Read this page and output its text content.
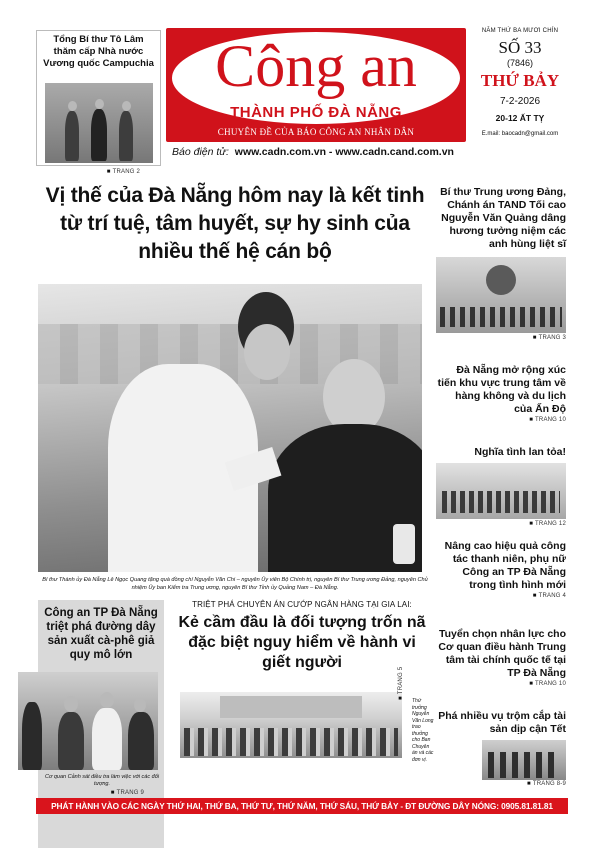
Tổng Bí thư Tô Lâm thăm cấp Nhà nước Vương quốc Campuchia
■ TRANG 2
Công an
THÀNH PHỐ ĐÀ NẴNG
CHUYÊN ĐỀ CỦA BÁO CÔNG AN NHÂN DÂN
Báo điện tử: www.cadn.com.vn - www.cadn.cand.com.vn
NĂM THỨ BA MƯƠI CHÍN
SỐ 33
(7846)
THỨ BẢY
7-2-2026
20-12 ẤT TỴ
E.mail: baocadn@gmail.com
Vị thế của Đà Nẵng hôm nay là kết tinh từ trí tuệ, tâm huyết, sự hy sinh của nhiều thế hệ cán bộ
■
Bí thư Thành ủy Đà Nẵng Lê Ngọc Quang tặng quà đồng chí Nguyễn Văn Chi – nguyên Ủy viên Bộ Chính trị, nguyên Bí thư Trung ương Đảng, nguyên Chủ nhiệm Ủy ban Kiểm tra Trung ương, nguyên Bí thư Tỉnh ủy Quảng Nam – Đà Nẵng.
Bí thư Trung ương Đảng, Chánh án TAND Tối cao Nguyễn Văn Quảng dâng hương tưởng niệm các anh hùng liệt sĩ
■ TRANG 3
Đà Nẵng mở rộng xúc tiến khu vực trung tâm về hàng không và du lịch của Ấn Độ
■ TRANG 10
Nghĩa tình lan tỏa!
■ TRANG 12
Nâng cao hiệu quả công tác thanh niên, phụ nữ Công an TP Đà Nẵng trong tình hình mới
■ TRANG 4
Tuyển chọn nhân lực cho Cơ quan điều hành Trung tâm tài chính quốc tế tại TP Đà Nẵng
■ TRANG 10
Phá nhiều vụ trộm cắp tài sản dịp cận Tết
■ TRANG 8-9
Công an TP Đà Nẵng triệt phá đường dây sản xuất cà-phê giả quy mô lớn
Cơ quan Cảnh sát điều tra làm việc với các đối tượng.
■ TRANG 9
TRIỆT PHÁ CHUYÊN ÁN CƯỚP NGÂN HÀNG TẠI GIA LAI:
Kẻ cầm đầu là đối tượng trốn nã đặc biệt nguy hiểm về hành vi giết người
■ TRANG 5
Thứ trưởng Nguyễn Văn Long trao thưởng cho Ban Chuyên án và các đơn vị.
PHÁT HÀNH VÀO CÁC NGÀY THỨ HAI, THỨ BA, THỨ TƯ, THỨ NĂM, THỨ SÁU, THỨ BẢY - ĐT ĐƯỜNG DÂY NÓNG: 0905.81.81.81
